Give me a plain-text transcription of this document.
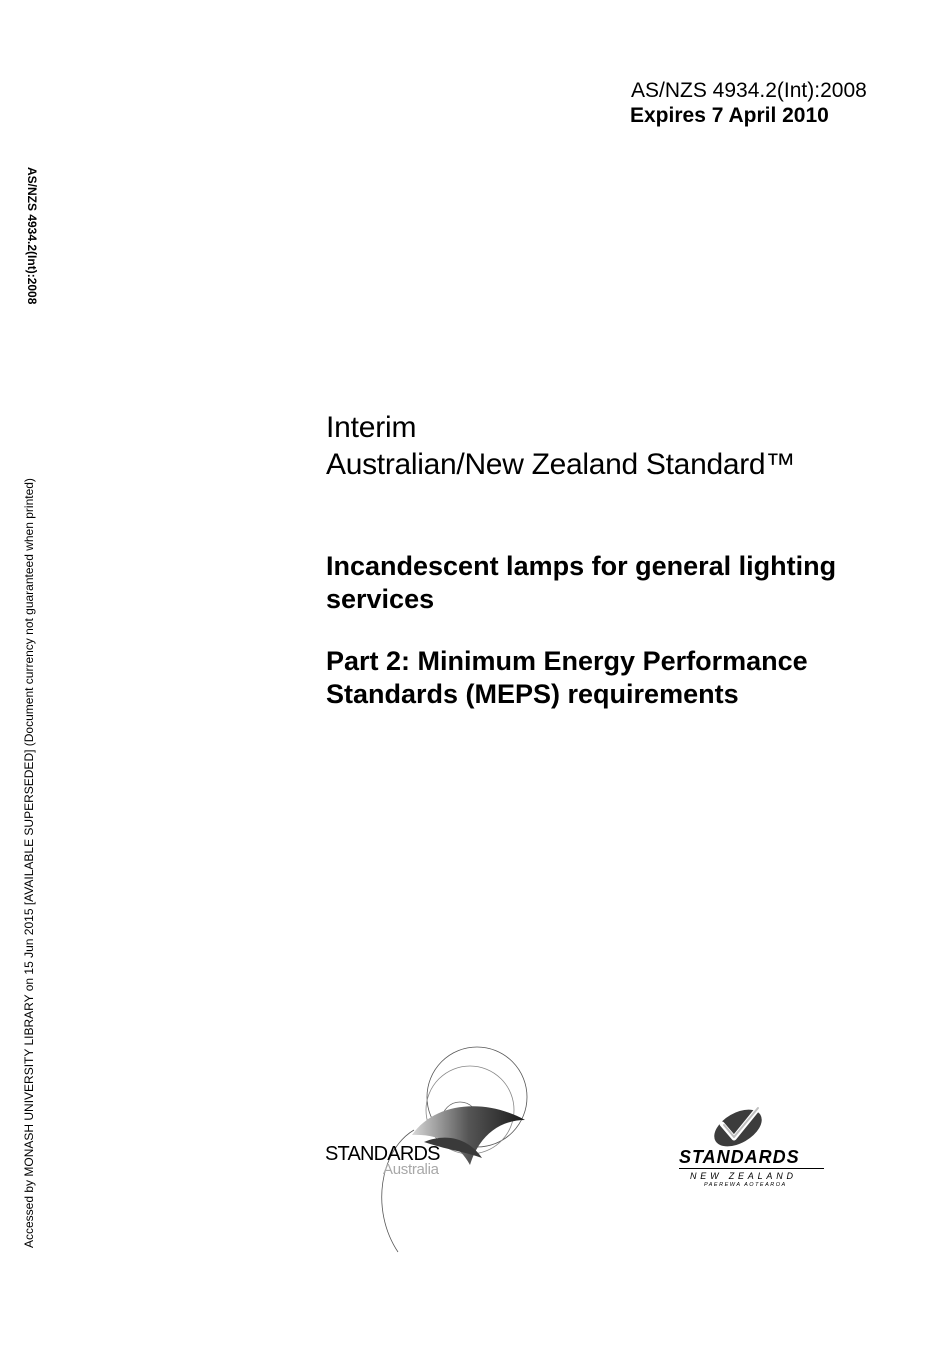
AS/NZS 4934.2(Int):2008
Expires 7 April 2010
AS/NZS 4934.2(Int):2008
Accessed by MONASH UNIVERSITY LIBRARY on 15 Jun 2015 [AVAILABLE SUPERSEDED] (Document currency not guaranteed when printed)
Interim
Australian/New Zealand Standard™
Incandescent lamps for general lighting services
Part 2: Minimum Energy Performance Standards (MEPS) requirements
STANDARDS
Australia
STANDARDS
NEW ZEALAND
PAEREWA AOTEAROA
